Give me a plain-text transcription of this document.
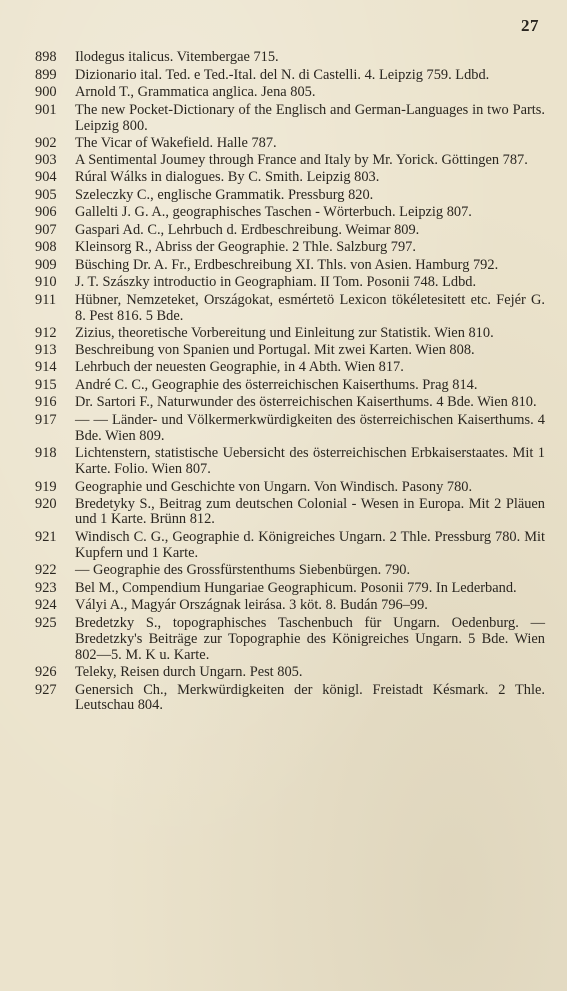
27
898	Ilodegus italicus. Vitembergae 715.
899	Dizionario ital. Ted. e Ted.-Ital. del N. di Castelli. 4. Leipzig 759. Ldbd.
900	Arnold T., Grammatica anglica. Jena 805.
901	The new Pocket-Dictionary of the Englisch and German-Languages in two Parts. Leipzig 800.
902	The Vicar of Wakefield. Halle 787.
903	A Sentimental Joumey through France and Italy by Mr. Yorick. Göttingen 787.
904	Rúral Wálks in dialogues. By C. Smith. Leipzig 803.
905	Szeleczky C., englische Grammatik. Pressburg 820.
906	Gallelti J. G. A., geographisches Taschen - Wörterbuch. Leipzig 807.
907	Gaspari Ad. C., Lehrbuch d. Erdbeschreibung. Weimar 809.
908	Kleinsorg R., Abriss der Geographie. 2 Thle. Salzburg 797.
909	Büsching Dr. A. Fr., Erdbeschreibung XI. Thls. von Asien. Hamburg 792.
910	J. T. Szászky introductio in Geographiam. II Tom. Posonii 748. Ldbd.
911	Hübner, Nemzeteket, Országokat, esmértetö Lexicon tökéletesitett etc. Fejér G. 8. Pest 816. 5 Bde.
912	Zizius, theoretische Vorbereitung und Einleitung zur Statistik. Wien 810.
913	Beschreibung von Spanien und Portugal. Mit zwei Karten. Wien 808.
914	Lehrbuch der neuesten Geographie, in 4 Abth. Wien 817.
915	André C. C., Geographie des österreichischen Kaiserthums. Prag 814.
916	Dr. Sartori F., Naturwunder des österreichischen Kaiserthums. 4 Bde. Wien 810.
917	— — Länder- und Völkermerkwürdigkeiten des österreichischen Kaiserthums. 4 Bde. Wien 809.
918	Lichtenstern, statistische Uebersicht des österreichischen Erbkaiserstaates. Mit 1 Karte. Folio. Wien 807.
919	Geographie und Geschichte von Ungarn. Von Windisch. Pasony 780.
920	Bredetyky S., Beitrag zum deutschen Colonial - Wesen in Europa. Mit 2 Pläuen und 1 Karte. Brünn 812.
921	Windisch C. G., Geographie d. Königreiches Ungarn. 2 Thle. Pressburg 780. Mit Kupfern und 1 Karte.
922	— Geographie des Grossfürstenthums Siebenbürgen. 790.
923	Bel M., Compendium Hungariae Geographicum. Posonii 779. In Lederband.
924	Vályi A., Magyár Országnak leirása. 3 köt. 8. Budán 796–99.
925	Bredetzky S., topographisches Taschenbuch für Ungarn. Oedenburg. — Bredetzky's Beiträge zur Topographie des Königreiches Ungarn. 5 Bde. Wien 802—5. M. K u. Karte.
926	Teleky, Reisen durch Ungarn. Pest 805.
927	Genersich Ch., Merkwürdigkeiten der königl. Freistadt Késmark. 2 Thle. Leutschau 804.
